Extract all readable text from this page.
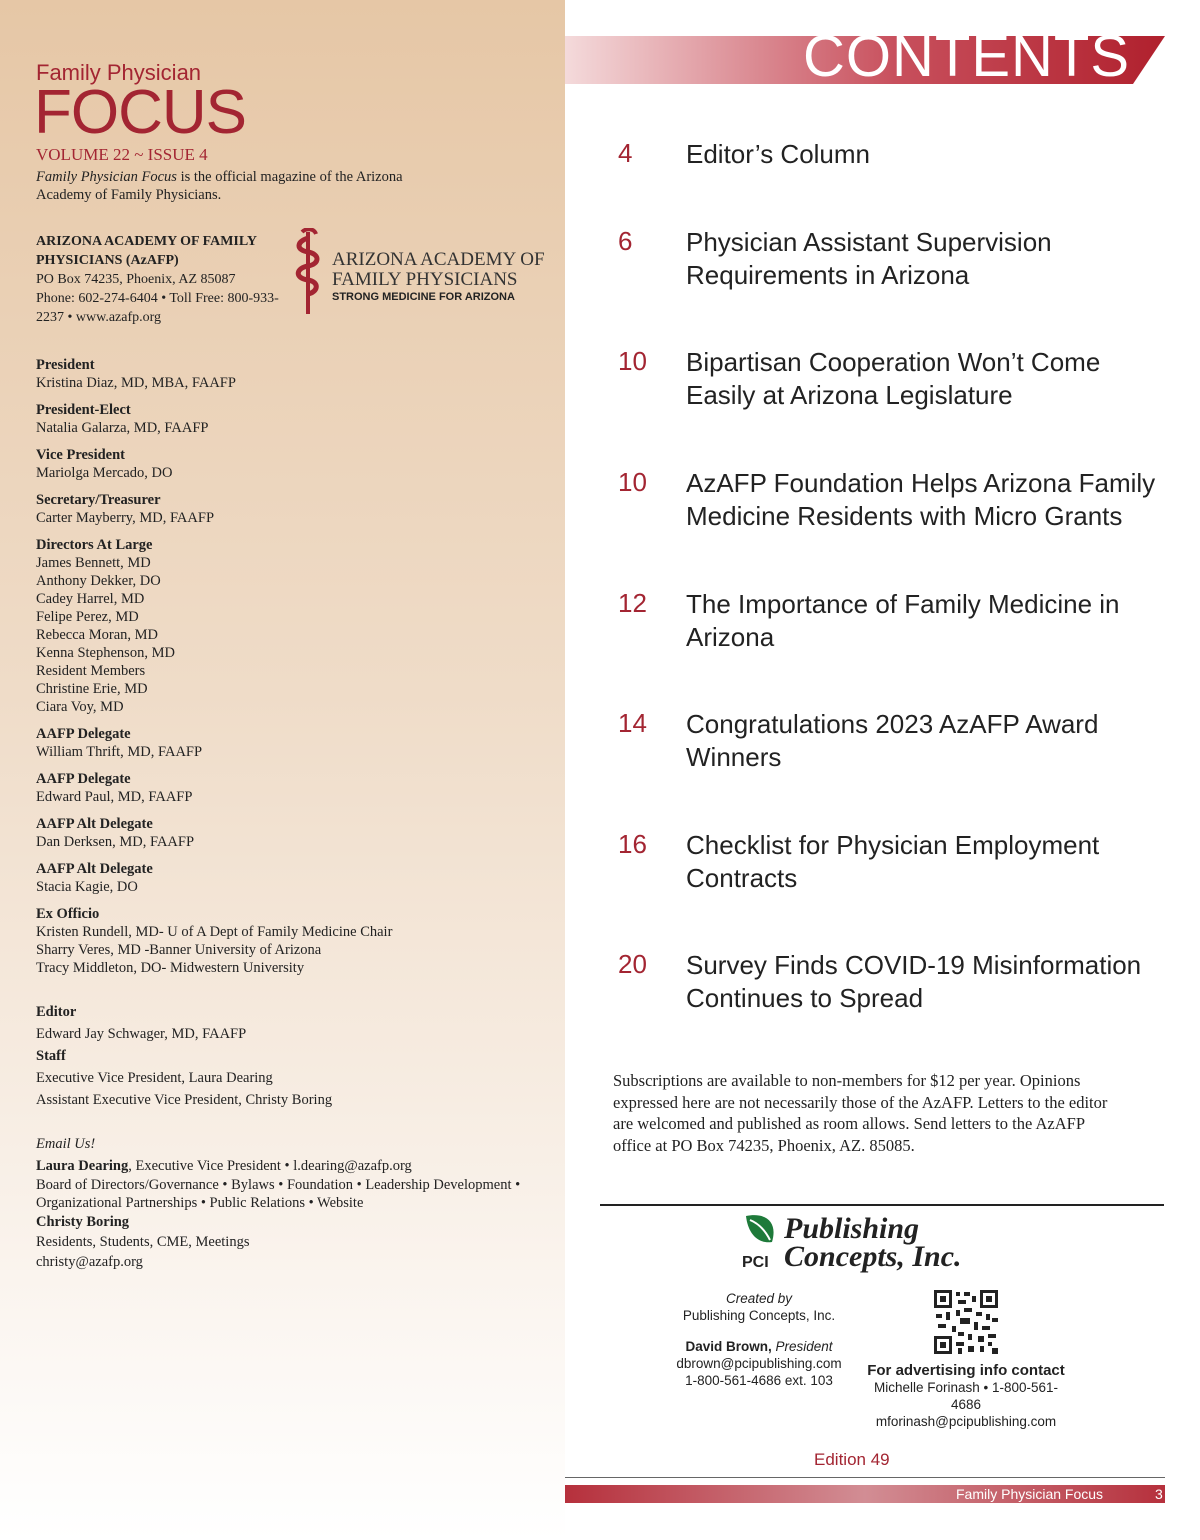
Family Physician
FOCUS
VOLUME 22 ~ ISSUE 4
Family Physician Focus is the official magazine of the Arizona Academy of Family Physicians.
ARIZONA ACADEMY OF FAMILY PHYSICIANS (AzAFP)
PO Box 74235, Phoenix, AZ 85087
Phone: 602-274-6404 • Toll Free: 800-933-2237 • www.azafp.org
ARIZONA ACADEMY OF
FAMILY PHYSICIANS
STRONG MEDICINE FOR ARIZONA
President
Kristina Diaz, MD, MBA, FAAFP
President-Elect
Natalia Galarza, MD, FAAFP
Vice President
Mariolga Mercado, DO
Secretary/Treasurer
Carter Mayberry, MD, FAAFP
Directors At Large
James Bennett, MD
Anthony Dekker, DO
Cadey Harrel, MD
Felipe Perez, MD
Rebecca Moran, MD
Kenna Stephenson, MD
Resident Members
Christine Erie, MD
Ciara Voy, MD
AAFP Delegate
William Thrift, MD, FAAFP
AAFP Delegate
Edward Paul, MD, FAAFP
AAFP Alt Delegate
Dan Derksen, MD, FAAFP
AAFP Alt Delegate
Stacia Kagie, DO
Ex Officio
Kristen Rundell, MD- U of A Dept of Family Medicine Chair
Sharry Veres, MD -Banner University of Arizona
Tracy Middleton, DO- Midwestern University
Editor
Edward Jay Schwager, MD, FAAFP
Staff
Executive Vice President, Laura Dearing
Assistant Executive Vice President, Christy Boring
Email Us!
Laura Dearing, Executive Vice President • l.dearing@azafp.org
Board of Directors/Governance • Bylaws • Foundation • Leadership Development • Organizational Partnerships • Public Relations • Website
Christy Boring
Residents, Students, CME, Meetings
christy@azafp.org
CONTENTS
4 Editor’s Column
6 Physician Assistant Supervision Requirements in Arizona
10 Bipartisan Cooperation Won’t Come Easily at Arizona Legislature
10 AzAFP Foundation Helps Arizona Family Medicine Residents with Micro Grants
12 The Importance of Family Medicine in Arizona
14 Congratulations 2023 AzAFP Award Winners
16 Checklist for Physician Employment Contracts
20 Survey Finds COVID-19 Misinformation Continues to Spread
Subscriptions are available to non-members for $12 per year. Opinions expressed here are not necessarily those of the AzAFP. Letters to the editor are welcomed and published as room allows. Send letters to the AzAFP office at PO Box 74235, Phoenix, AZ. 85085.
PCI
Publishing
Concepts, Inc.
Created by
Publishing Concepts, Inc.
David Brown, President
dbrown@pcipublishing.com
1-800-561-4686 ext. 103
For advertising info contact
Michelle Forinash • 1-800-561-4686
mforinash@pcipublishing.com
Edition 49
Family Physician Focus	3
